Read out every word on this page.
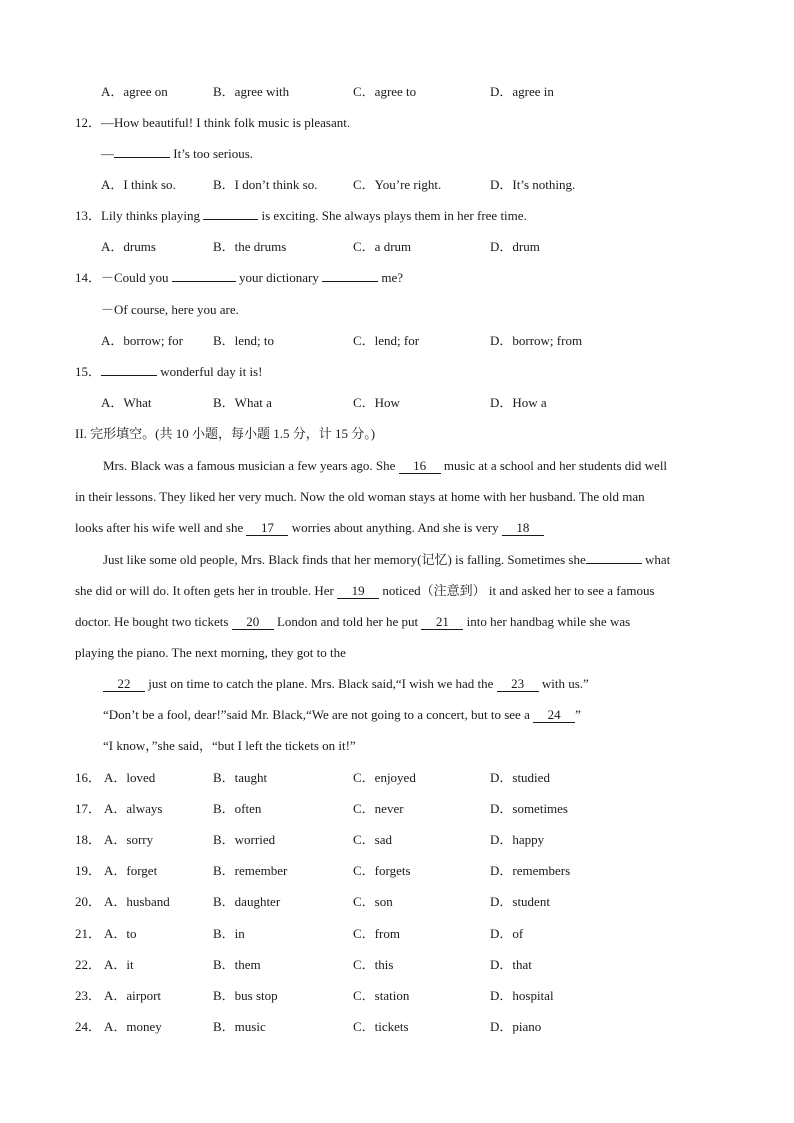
A．agree on	B．agree with	C．agree to	D．agree in
12．—How beautiful! I think folk music is pleasant.
—	It’s too serious.
A．I think so.	B．I don’t think so.	C．You’re right.	D．It’s nothing.
13．Lily thinks playing	is exciting. She always plays them in her free time.
A．drums	B．the drums	C．a drum	D．drum
14．－Could you	your dictionary	me?
－Of course, here you are.
A．borrow; for B．lend; to	C．lend; for	D．borrow; from
15．	wonderful day it is!
A．What	B．What a	C．How	D．How a
II. 完形填空。(共 10 小题，每小题 1.5 分，计 15 分。)
Mrs. Black was a famous musician a few years ago. She 16 music at a school and her students did well
in their lessons. They liked her very much. Now the old woman stays at home with her husband. The old man
looks after his wife well and she 17 worries about anything. And she is very 18
Just like some old people, Mrs. Black finds that her memory(记忆) is falling. Sometimes she	what
she did or will do. It often gets her in trouble. Her 19 noticed（注意到） it and asked her to see a famous
doctor. He bought two tickets 20 London and told her he put 21 into her handbag while she was
playing the piano. The next morning, they got to the
22 just on time to catch the plane. Mrs. Black said,“I wish we had the 23 with us.”
“Don’t be a fool, dear!”said Mr. Black,“We are not going to a concert, but to see a 24 ”
“I know，”she said，“but I left the tickets on it!”
16． A．loved	B．taught	C．enjoyed	D．studied
17． A．always	B．often	C．never	D．sometimes
18． A．sorry	B．worried	C．sad	D．happy
19． A．forget	B．remember	C．forgets	D．remembers
20． A．husband	B．daughter	C．son	D．student
21． A．to	B．in	C．from	D．of
22． A．it	B．them	C．this	D．that
23． A．airport	B．bus stop	C．station	D．hospital
24． A．money	B．music	C．tickets	D．piano
